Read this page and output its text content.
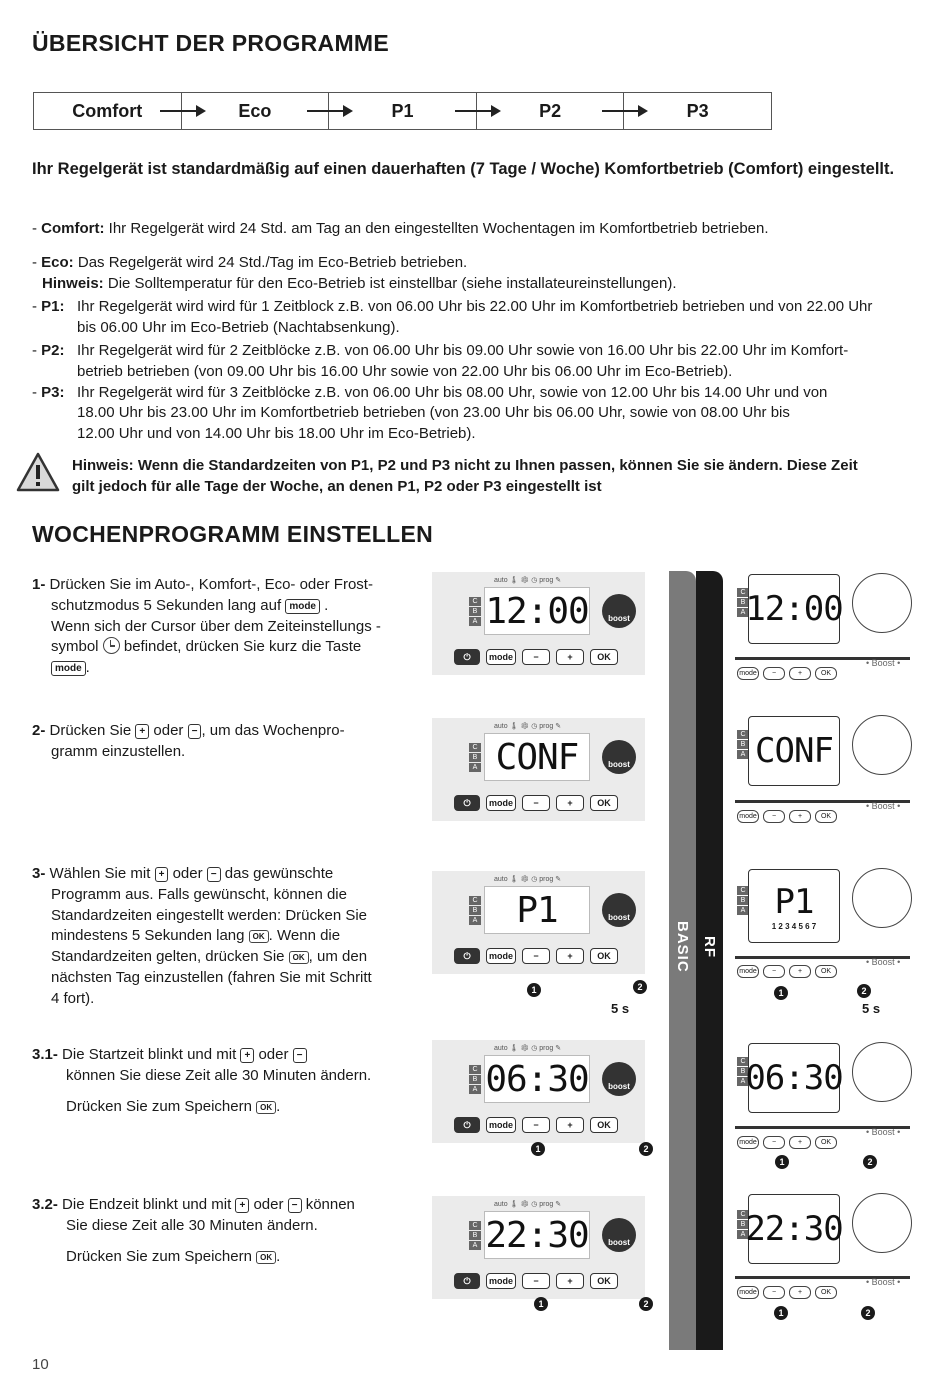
ÜBERSICHT DER PROGRAMME
Comfort	Eco	P1	P2	P3
Ihr Regelgerät ist standardmäßig auf einen dauerhaften (7 Tage / Woche) Komfortbetrieb (Comfort) eingestellt.
- Comfort: Ihr Regelgerät wird 24 Std. am Tag an den eingestellten Wochentagen im Komfortbetrieb betrieben.
- Eco: Das Regelgerät wird 24 Std./Tag im Eco-Betrieb betrieben.
Hinweis: Die Solltemperatur für den Eco-Betrieb ist einstellbar (siehe installateureinstellungen).
- P1: Ihr Regelgerät wird wird für 1 Zeitblock z.B. von 06.00 Uhr bis 22.00 Uhr im Komfortbetrieb betrieben und von 22.00 Uhr
bis 06.00 Uhr im Eco-Betrieb (Nachtabsenkung).
- P2: Ihr Regelgerät wird für 2 Zeitblöcke z.B. von 06.00 Uhr bis 09.00 Uhr sowie von 16.00 Uhr bis 22.00 Uhr im Komfort-
betrieb betrieben (von 09.00 Uhr bis 16.00 Uhr sowie von 22.00 Uhr bis 06.00 Uhr im Eco-Betrieb).
- P3: Ihr Regelgerät wird für 3 Zeitblöcke z.B. von 06.00 Uhr bis 08.00 Uhr, sowie von 12.00 Uhr bis 14.00 Uhr und von
18.00 Uhr bis 23.00 Uhr im Komfortbetrieb betrieben (von 23.00 Uhr bis 06.00 Uhr, sowie von 08.00 Uhr bis
12.00 Uhr und von 14.00 Uhr bis 18.00 Uhr im Eco-Betrieb).
Hinweis: Wenn die Standardzeiten von P1, P2 und P3 nicht zu Ihnen passen, können Sie sie ändern. Diese Zeit
gilt jedoch für alle Tage der Woche, an denen P1, P2 oder P3 eingestellt ist
WOCHENPROGRAMM EINSTELLEN
1- Drücken Sie im Auto-, Komfort-, Eco- oder Frost-
schutzmodus 5 Sekunden lang auf mode .
Wenn sich der Cursor über dem Zeiteinstellungs -
symbol befindet, drücken Sie kurz die Taste
mode .
2- Drücken Sie + oder − , um das Wochenpro-
gramm einzustellen.
3- Wählen Sie mit + oder − das gewünschte
Programm aus. Falls gewünscht, können die
Standardzeiten eingestellt werden: Drücken Sie
mindestens 5 Sekunden lang OK . Wenn die
Standardzeiten gelten, drücken Sie OK , um den
nächsten Tag einzustellen (fahren Sie mit Schritt
4 fort).
3.1- Die Startzeit blinkt und mit + oder −
können Sie diese Zeit alle 30 Minuten ändern.
Drücken Sie zum Speichern OK .
3.2- Die Endzeit blinkt und mit + oder − können
Sie diese Zeit alle 30 Minuten ändern.
Drücken Sie zum Speichern OK .
auto 🌡 ❄ ◷ prog ✎
C
B
A 12:00	boost
⏻	mode	−	+	OK
auto 🌡 ❄ ◷ prog ✎
C
B
A CONF	boost
⏻	mode	−	+	OK
auto 🌡 ❄ ◷ prog ✎
C
B
A P1	boost
⏻	mode	−	+	OK
1	2
5 s
auto 🌡 ❄ ◷ prog ✎
C
B
A 06:30	boost
⏻	mode	−	+	OK
1	2
auto 🌡 ❄ ◷ prog ✎
C
B
A 22:30	boost
⏻	mode	−	+	OK
1	2
BASIC RF
C
B
A 12:00
• Boost •
mode	−	+	OK
C
B
A CONF
• Boost •
mode	−	+	OK
C
B
A P1
1 2 3 4 5 6 7
• Boost •
mode	−	+	OK
1	2
5 s
C
B
A 06:30
• Boost •
mode	−	+	OK
1	2
C
B
A 22:30
• Boost •
mode	−	+	OK
1	2
10
